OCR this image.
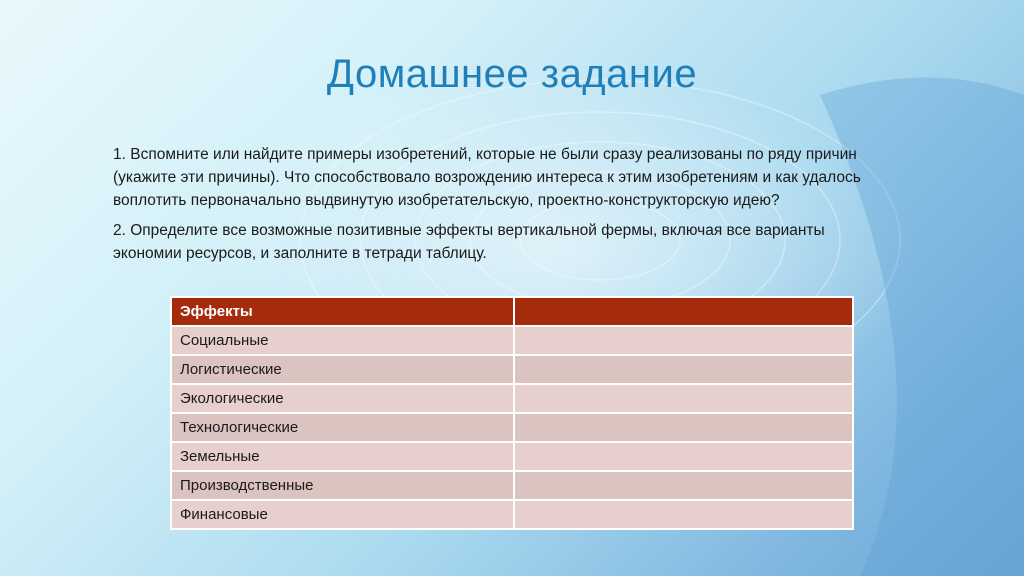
Домашнее задание

1. Вспомните или найдите примеры изобретений, которые не были сразу реализованы по ряду причин (укажите эти причины). Что способствовало возрождению интереса к этим изобретениям и как удалось воплотить первоначально выдвинутую изобретательскую, проектно-конструкторскую идею?

2. Определите все возможные позитивные эффекты вертикальной фермы, включая все варианты экономии ресурсов, и заполните в тетради таблицу.

Эффекты	
Социальные	
Логистические	
Экологические	
Технологические	
Земельные	
Производственные	
Финансовые	
